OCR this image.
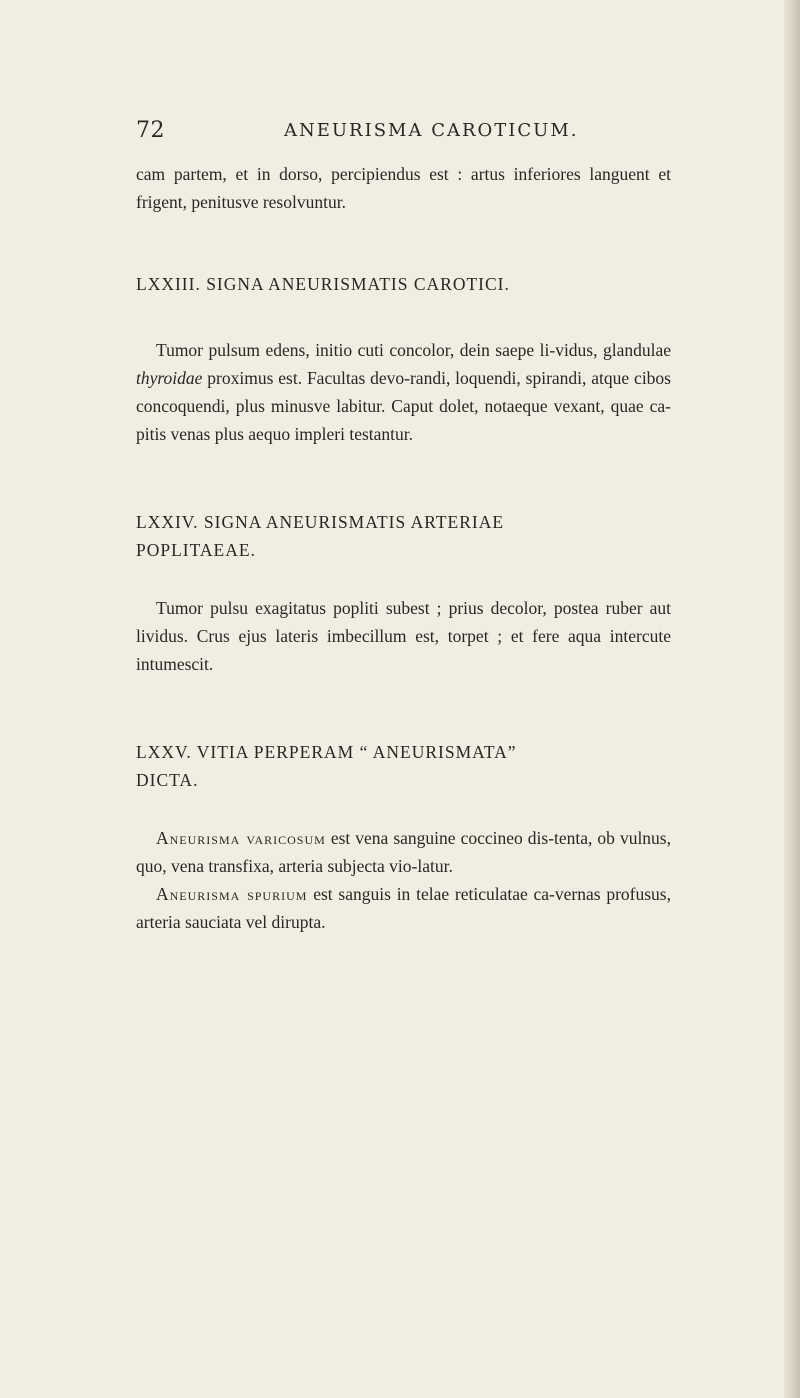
72	ANEURISMA CAROTICUM.

cam partem, et in dorso, percipiendus est : artus inferiores languent et frigent, penitusve resolvuntur.

LXXIII. SIGNA ANEURISMATIS CAROTICI.

Tumor pulsum edens, initio cuti concolor, dein saepe li-vidus, glandulae thyroidae proximus est. Facultas devo-randi, loquendi, spirandi, atque cibos concoquendi, plus minusve labitur. Caput dolet, notaeque vexant, quae ca-pitis venas plus aequo impleri testantur.

LXXIV. SIGNA ANEURISMATIS ARTERIAE

POPLITAEAE.

Tumor pulsu exagitatus popliti subest ; prius decolor, postea ruber aut lividus. Crus ejus lateris imbecillum est, torpet ; et fere aqua intercute intumescit.

LXXV. VITIA PERPERAM “ ANEURISMATA”

DICTA.

Aneurisma varicosum est vena sanguine coccineo dis-tenta, ob vulnus, quo, vena transfixa, arteria subjecta vio-latur.

Aneurisma spurium est sanguis in telae reticulatae ca-vernas profusus, arteria sauciata vel dirupta.
